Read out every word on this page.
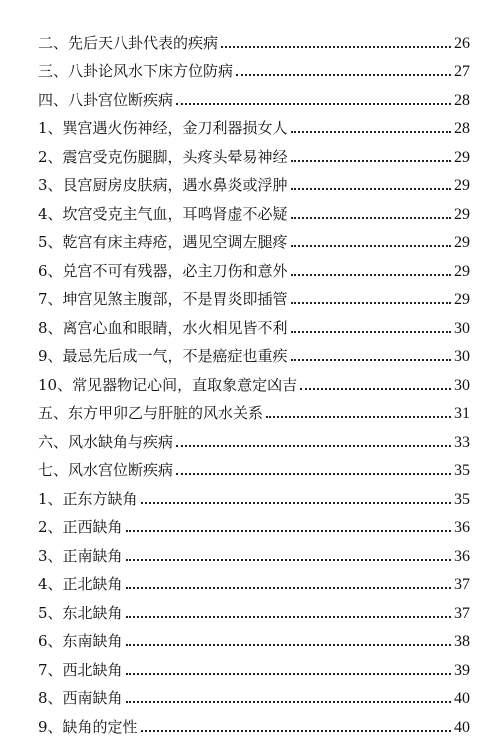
二、先后天八卦代表的疾病	26
三、八卦论风水下床方位防病	27
四、八卦宫位断疾病	28
1、巽宫遇火伤神经，金刀利器损女人	28
2、震宫受克伤腿脚，头疼头晕易神经	29
3、艮宫厨房皮肤病，遇水鼻炎或浮肿	29
4、坎宫受克主气血，耳鸣肾虚不必疑	29
5、乾宫有床主痔疮，遇见空调左腿疼	29
6、兑宫不可有残器，必主刀伤和意外	29
7、坤宫见煞主腹部，不是胃炎即插管	29
8、离宫心血和眼睛，水火相见皆不利	30
9、最忌先后成一气，不是癌症也重疾	30
10、常见器物记心间，直取象意定凶吉	30
五、东方甲卯乙与肝脏的风水关系	31
六、风水缺角与疾病	33
七、风水宫位断疾病	35
1、正东方缺角	35
2、正西缺角	36
3、正南缺角	36
4、正北缺角	37
5、东北缺角	37
6、东南缺角	38
7、西北缺角	39
8、西南缺角	40
9、缺角的定性	40
